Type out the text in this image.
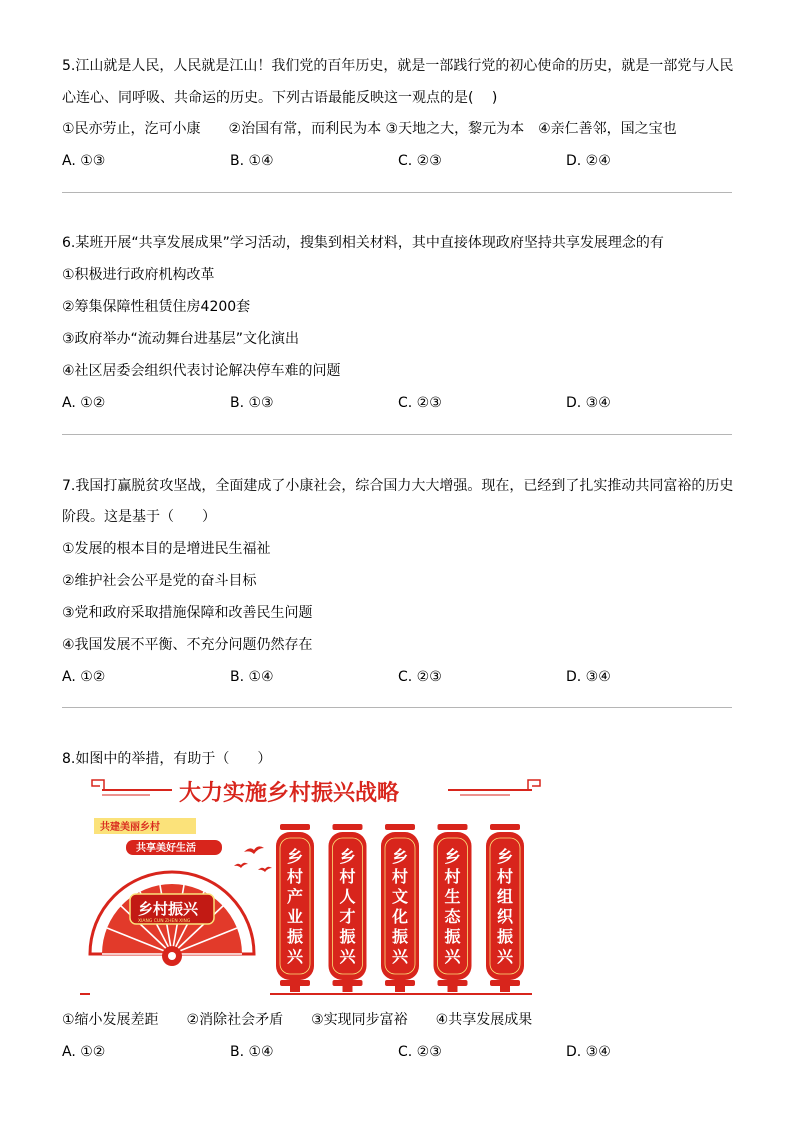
5.江山就是人民，人民就是江山！我们党的百年历史，就是一部践行党的初心使命的历史，就是一部党与人民
心连心、同呼吸、共命运的历史。下列古语最能反映这一观点的是(　 )
①民亦劳止，汔可小康　　②治国有常，而利民为本 ③天地之大，黎元为本　④亲仁善邻，国之宝也
A. ①③	B. ①④	C. ②③	D. ②④
6.某班开展“共享发展成果”学习活动，搜集到相关材料，其中直接体现政府坚持共享发展理念的有
①积极进行政府机构改革
②筹集保障性租赁住房4200套
③政府举办“流动舞台进基层”文化演出
④社区居委会组织代表讨论解决停车难的问题
A. ①②	B. ①③	C. ②③	D. ③④
7.我国打赢脱贫攻坚战，全面建成了小康社会，综合国力大大增强。现在，已经到了扎实推动共同富裕的历史
阶段。这是基于（　　）
①发展的根本目的是增进民生福祉
②维护社会公平是党的奋斗目标
③党和政府采取措施保障和改善民生问题
④我国发展不平衡、不充分问题仍然存在
A. ①②	B. ①④	C. ②③	D. ③④
8.如图中的举措，有助于（　　）
大力实施乡村振兴战略
共建美丽乡村
共享美好生活
乡村振兴
XIANG CUN ZHEN XING
乡
村
产
业
振
兴
乡
村
人
才
振
兴
乡
村
文
化
振
兴
乡
村
生
态
振
兴
乡
村
组
织
振
兴
①缩小发展差距　　②消除社会矛盾　　③实现同步富裕　　④共享发展成果
A. ①②	B. ①④	C. ②③	D. ③④
